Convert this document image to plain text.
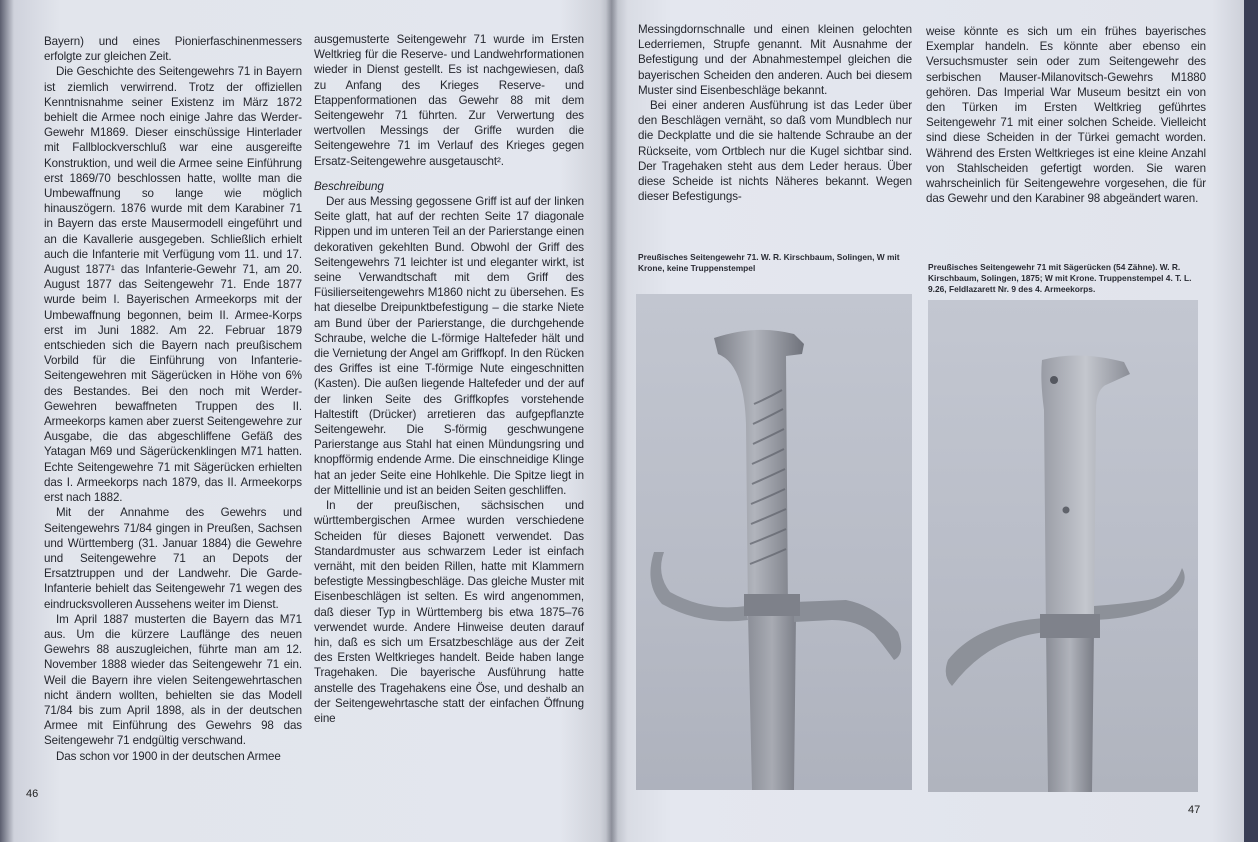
Bayern) und eines Pionierfaschinenmessers erfolgte zur gleichen Zeit.

Die Geschichte des Seitengewehrs 71 in Bayern ist ziemlich verwirrend. Trotz der offiziellen Kenntnisnahme seiner Existenz im März 1872 behielt die Armee noch einige Jahre das Werder-Gewehr M1869. Dieser einschüssige Hinterlader mit Fallblockverschluß war eine ausgereifte Konstruktion, und weil die Armee seine Einführung erst 1869/70 beschlossen hatte, wollte man die Umbewaffnung so lange wie möglich hinauszögern. 1876 wurde mit dem Karabiner 71 in Bayern das erste Mausermodell eingeführt und an die Kavallerie ausgegeben. Schließlich erhielt auch die Infanterie mit Verfügung vom 11. und 17. August 1877¹ das Infanterie-Gewehr 71, am 20. August 1877 das Seitengewehr 71. Ende 1877 wurde beim I. Bayerischen Armeekorps mit der Umbewaffnung begonnen, beim II. Armee-Korps erst im Juni 1882. Am 22. Februar 1879 entschieden sich die Bayern nach preußischem Vorbild für die Einführung von Infanterie-Seitengewehren mit Sägerücken in Höhe von 6% des Bestandes. Bei den noch mit Werder-Gewehren bewaffneten Truppen des II. Armeekorps kamen aber zuerst Seitengewehre zur Ausgabe, die das abgeschliffene Gefäß des Yatagan M69 und Sägerückenklingen M71 hatten. Echte Seitengewehre 71 mit Sägerücken erhielten das I. Armeekorps nach 1879, das II. Armeekorps erst nach 1882.

Mit der Annahme des Gewehrs und Seitengewehrs 71/84 gingen in Preußen, Sachsen und Württemberg (31. Januar 1884) die Gewehre und Seitengewehre 71 an Depots der Ersatztruppen und der Landwehr. Die Garde-Infanterie behielt das Seitengewehr 71 wegen des eindrucksvolleren Aussehens weiter im Dienst.

Im April 1887 musterten die Bayern das M71 aus. Um die kürzere Lauflänge des neuen Gewehrs 88 auszugleichen, führte man am 12. November 1888 wieder das Seitengewehr 71 ein. Weil die Bayern ihre vielen Seitengewehrtaschen nicht ändern wollten, behielten sie das Modell 71/84 bis zum April 1898, als in der deutschen Armee mit Einführung des Gewehrs 98 das Seitengewehr 71 endgültig verschwand.

Das schon vor 1900 in der deutschen Armee

ausgemusterte Seitengewehr 71 wurde im Ersten Weltkrieg für die Reserve- und Landwehrformationen wieder in Dienst gestellt. Es ist nachgewiesen, daß zu Anfang des Krieges Reserve- und Etappenformationen das Gewehr 88 mit dem Seitengewehr 71 führten. Zur Verwertung des wertvollen Messings der Griffe wurden die Seitengewehre 71 im Verlauf des Krieges gegen Ersatz-Seitengewehre ausgetauscht².

Beschreibung

Der aus Messing gegossene Griff ist auf der linken Seite glatt, hat auf der rechten Seite 17 diagonale Rippen und im unteren Teil an der Parierstange einen dekorativen gekehlten Bund. Obwohl der Griff des Seitengewehrs 71 leichter ist und eleganter wirkt, ist seine Verwandtschaft mit dem Griff des Füsilierseitengewehrs M1860 nicht zu übersehen. Es hat dieselbe Dreipunktbefestigung – die starke Niete am Bund über der Parierstange, die durchgehende Schraube, welche die L-förmige Haltefeder hält und die Vernietung der Angel am Griffkopf. In den Rücken des Griffes ist eine T-förmige Nute eingeschnitten (Kasten). Die außen liegende Haltefeder und der auf der linken Seite des Griffkopfes vorstehende Haltestift (Drücker) arretieren das aufgepflanzte Seitengewehr. Die S-förmig geschwungene Parierstange aus Stahl hat einen Mündungsring und knopfförmig endende Arme. Die einschneidige Klinge hat an jeder Seite eine Hohlkehle. Die Spitze liegt in der Mittellinie und ist an beiden Seiten geschliffen.

In der preußischen, sächsischen und württembergischen Armee wurden verschiedene Scheiden für dieses Bajonett verwendet. Das Standardmuster aus schwarzem Leder ist einfach vernäht, mit den beiden Rillen, hatte mit Klammern befestigte Messingbeschläge. Das gleiche Muster mit Eisenbeschlägen ist selten. Es wird angenommen, daß dieser Typ in Württemberg bis etwa 1875–76 verwendet wurde. Andere Hinweise deuten darauf hin, daß es sich um Ersatzbeschläge aus der Zeit des Ersten Weltkrieges handelt. Beide haben lange Tragehaken. Die bayerische Ausführung hatte anstelle des Tragehakens eine Öse, und deshalb an der Seitengewehrtasche statt der einfachen Öffnung eine

46

Messingdornschnalle und einen kleinen gelochten Lederriemen, Strupfe genannt. Mit Ausnahme der Befestigung und der Abnahmestempel gleichen die bayerischen Scheiden den anderen. Auch bei diesem Muster sind Eisenbeschläge bekannt.

Bei einer anderen Ausführung ist das Leder über den Beschlägen vernäht, so daß vom Mundblech nur die Deckplatte und die sie haltende Schraube an der Rückseite, vom Ortblech nur die Kugel sichtbar sind. Der Tragehaken steht aus dem Leder heraus. Über diese Scheide ist nichts Näheres bekannt. Wegen dieser Befestigungs-

weise könnte es sich um ein frühes bayerisches Exemplar handeln. Es könnte aber ebenso ein Versuchsmuster sein oder zum Seitengewehr des serbischen Mauser-Milanovitsch-Gewehrs M1880 gehören. Das Imperial War Museum besitzt ein von den Türken im Ersten Weltkrieg geführtes Seitengewehr 71 mit einer solchen Scheide. Vielleicht sind diese Scheiden in der Türkei gemacht worden. Während des Ersten Weltkrieges ist eine kleine Anzahl von Stahlscheiden gefertigt worden. Sie waren wahrscheinlich für Seitengewehre vorgesehen, die für das Gewehr und den Karabiner 98 abgeändert waren.

Preußisches Seitengewehr 71. W. R. Kirschbaum, Solingen, W mit Krone, keine Truppenstempel	Preußisches Seitengewehr 71 mit Sägerücken (54 Zähne). W. R. Kirschbaum, Solingen, 1875; W mit Krone. Truppenstempel 4. T. L. 9.26, Feldlazarett Nr. 9 des 4. Armeekorps.
47
